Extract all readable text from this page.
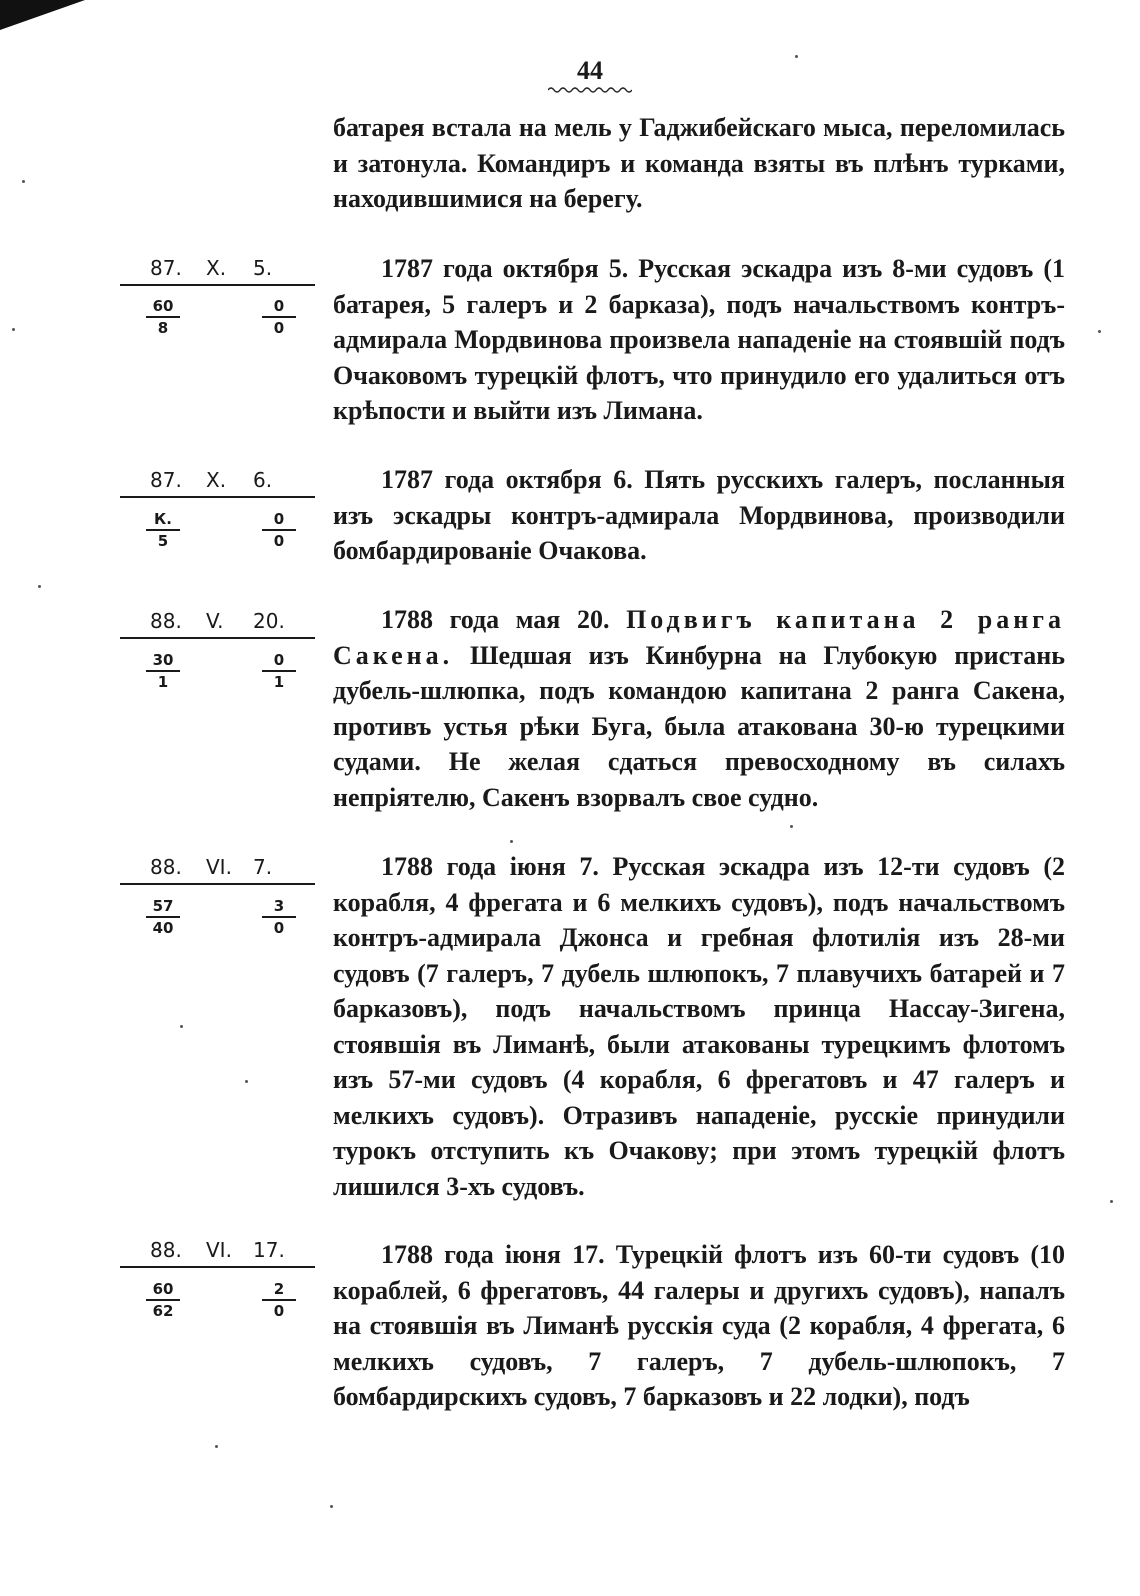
44

батарея встала на мель у Гаджибейскаго мыса, переломилась и затонула. Командиръ и команда взяты въ плѣнъ турками, находившимися на берегу.

87. X. 5.
$\frac{60}{8}$	$\frac{0}{0}$

1787 года октября 5. Русская эскадра изъ 8-ми судовъ (1 батарея, 5 галеръ и 2 барказа), подъ начальствомъ контръ-адмирала Мордвинова произвела нападеніе на стоявшій подъ Очаковомъ турецкій флотъ, что принудило его удалиться отъ крѣпости и выйти изъ Лимана.

87. X. 6.
К.
5	$\frac{0}{0}$

1787 года октября 6. Пять русскихъ галеръ, посланныя изъ эскадры контръ-адмирала Мордвинова, производили бомбардированіе Очакова.

88. V. 20.
$\frac{30}{1}$	$\frac{0}{1}$

1788 года мая 20. Подвигъ капитана 2 ранга Сакена. Шедшая изъ Кинбурна на Глубокую пристань дубель-шлюпка, подъ командою капитана 2 ранга Сакена, противъ устья рѣки Буга, была атакована 30-ю турецкими судами. Не желая сдаться превосходному въ силахъ непріятелю, Сакенъ взорвалъ свое судно.

88. VI. 7.
$\frac{57}{40}$	$\frac{3}{0}$

1788 года іюня 7. Русская эскадра изъ 12-ти судовъ (2 корабля, 4 фрегата и 6 мелкихъ судовъ), подъ начальствомъ контръ-адмирала Джонса и гребная флотилія изъ 28-ми судовъ (7 галеръ, 7 дубель шлюпокъ, 7 плавучихъ батарей и 7 барказовъ), подъ начальствомъ принца Нассау-Зигена, стоявшія въ Лиманѣ, были атакованы турецкимъ флотомъ изъ 57-ми судовъ (4 корабля, 6 фрегатовъ и 47 галеръ и мелкихъ судовъ). Отразивъ нападеніе, русскіе принудили турокъ отступить къ Очакову; при этомъ турецкій флотъ лишился 3-хъ судовъ.

88. VI. 17.
$\frac{60}{62}$	$\frac{2}{0}$

1788 года іюня 17. Турецкій флотъ изъ 60-ти судовъ (10 кораблей, 6 фрегатовъ, 44 галеры и другихъ судовъ), напалъ на стоявшія въ Лиманѣ русскія суда (2 корабля, 4 фрегата, 6 мелкихъ судовъ, 7 галеръ, 7 дубель-шлюпокъ, 7 бомбардирскихъ судовъ, 7 барказовъ и 22 лодки), подъ
